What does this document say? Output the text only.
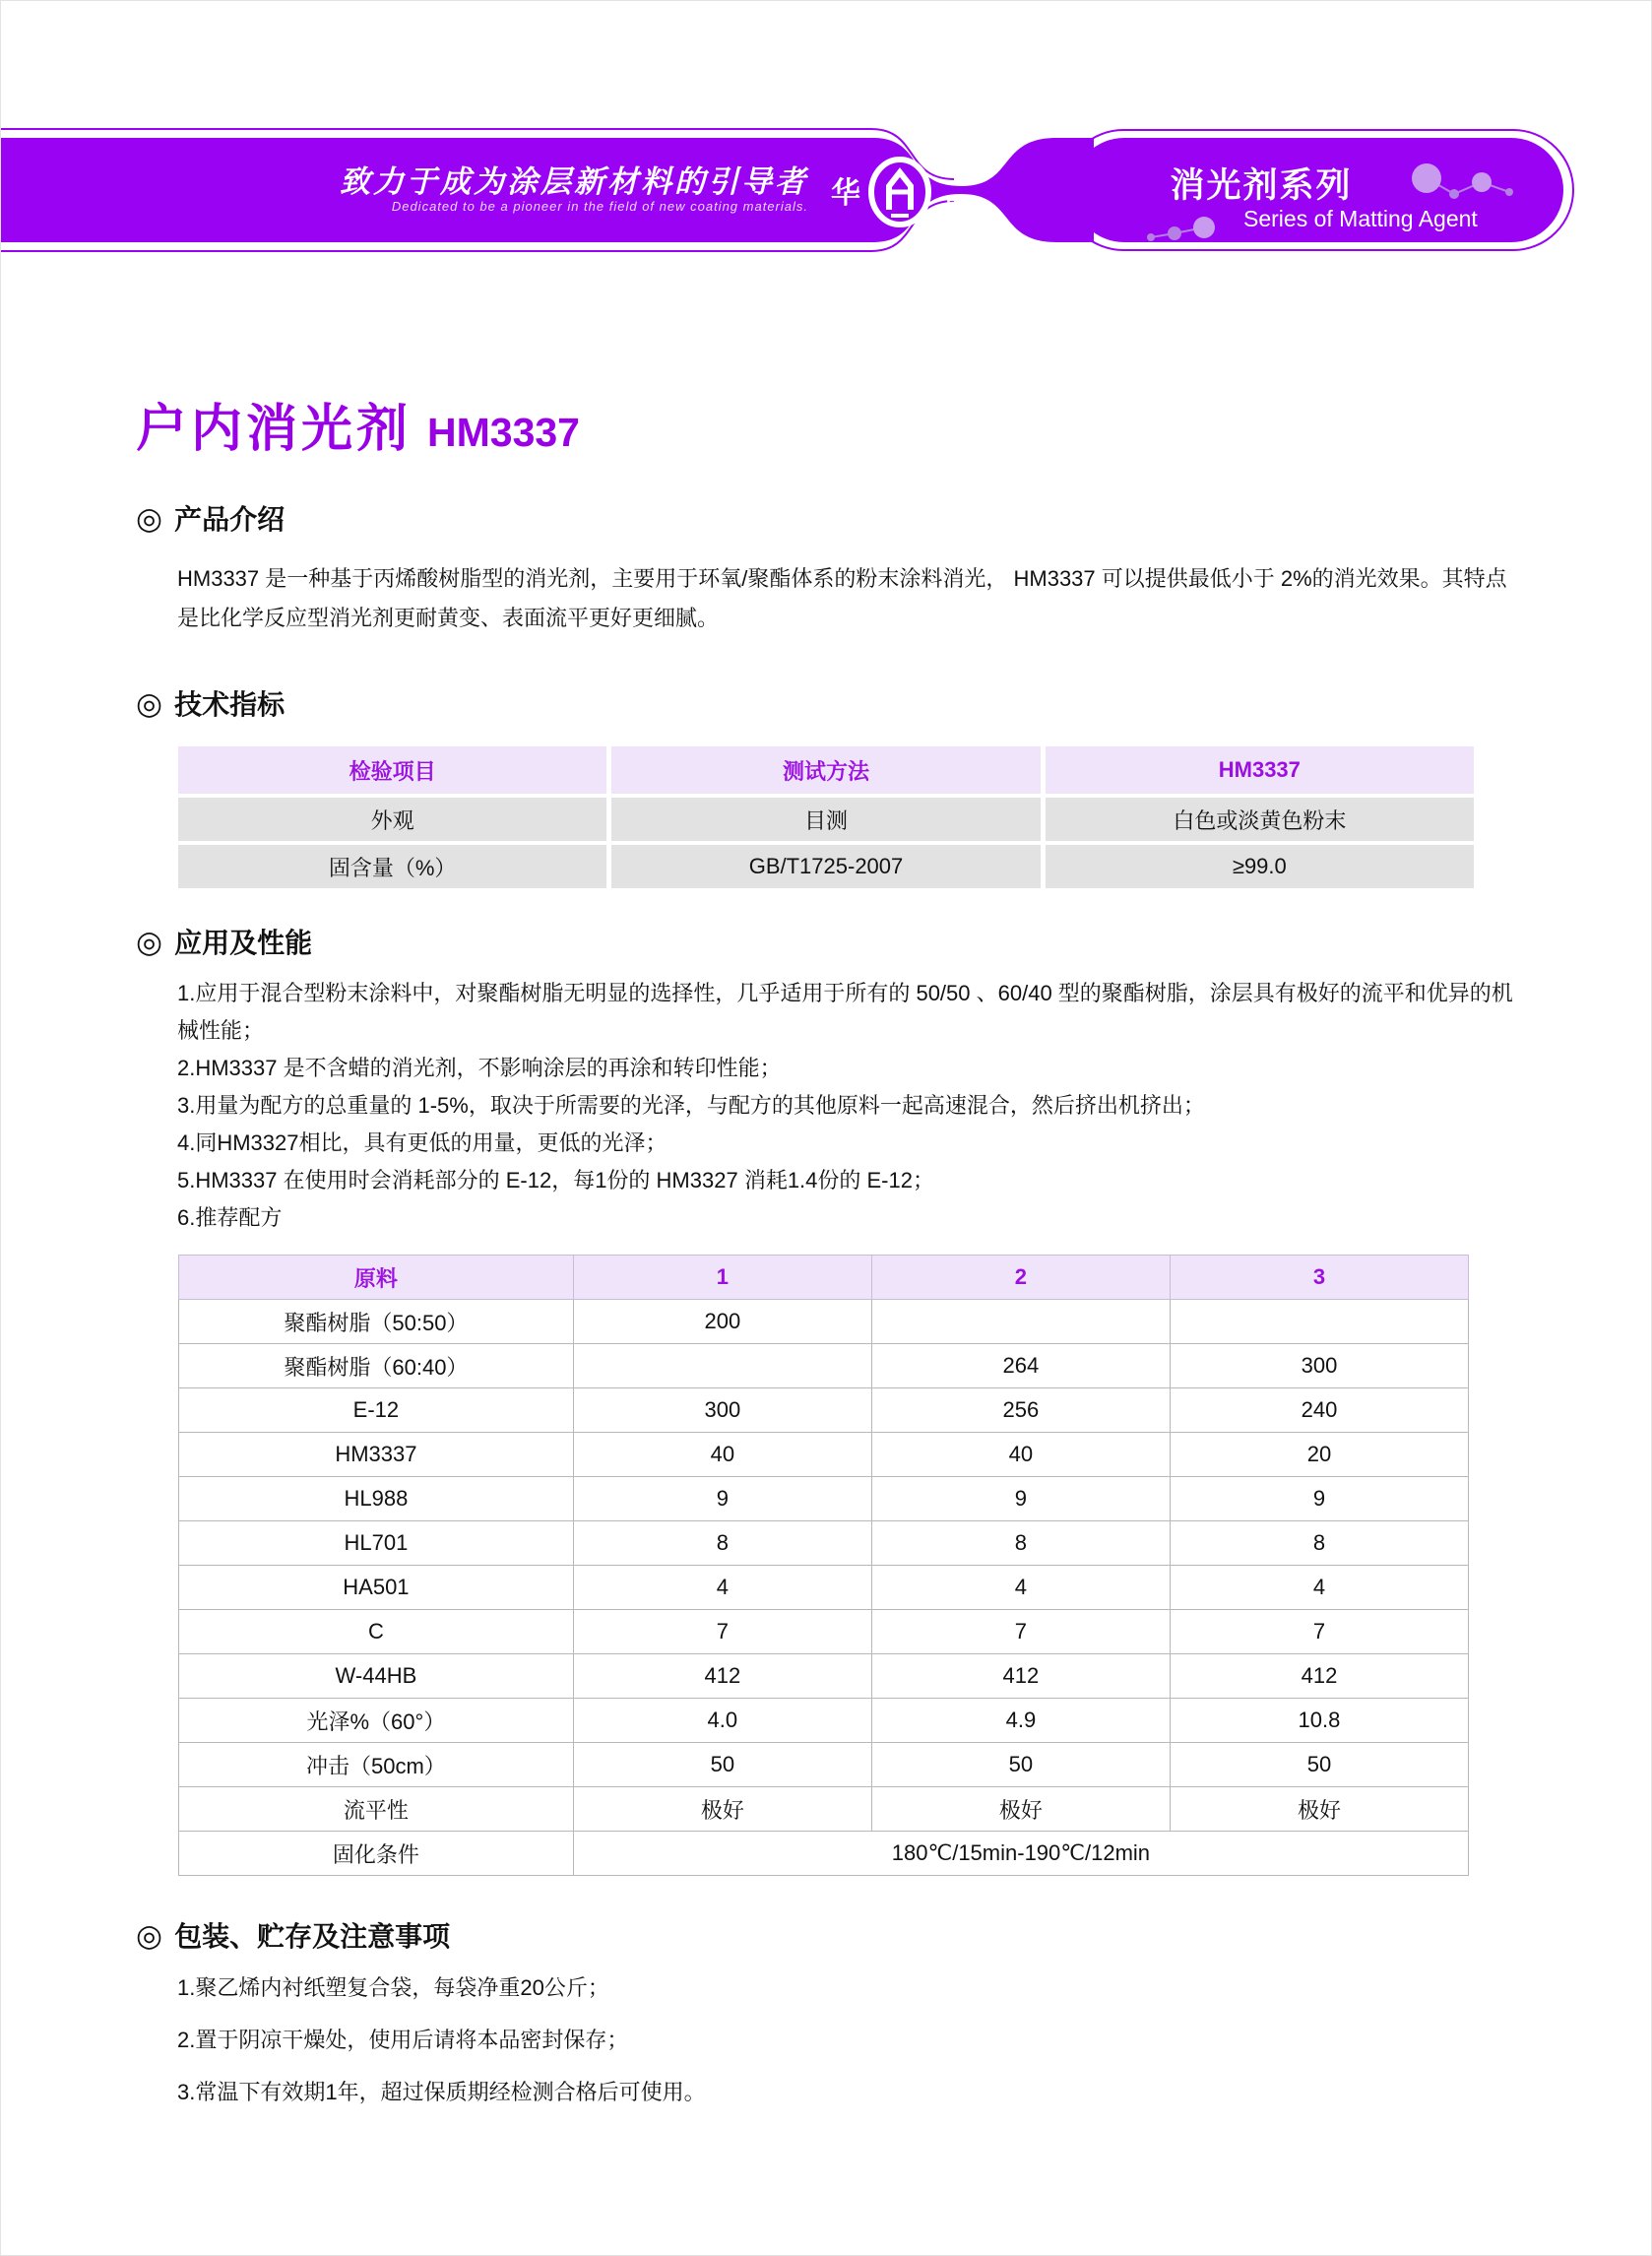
致力于成为涂层新材料的引导者
Dedicated to be a pioneer in the field of new coating materials. 华
®
惠
消光剂系列
Series of Matting Agent
户内消光剂 HM3337
◎ 产品介绍
HM3337 是一种基于丙烯酸树脂型的消光剂，主要用于环氧/聚酯体系的粉末涂料消光， HM3337 可以提供最低小于 2%的消光效果。其特点是比化学反应型消光剂更耐黄变、表面流平更好更细腻。
◎ 技术指标
检验项目	测试方法	HM3337
外观	目测	白色或淡黄色粉末
固含量（%）	GB/T1725-2007	≥99.0
◎ 应用及性能
1.应用于混合型粉末涂料中，对聚酯树脂无明显的选择性，几乎适用于所有的 50/50 、60/40 型的聚酯树脂，涂层具有极好的流平和优异的机械性能；
2.HM3337 是不含蜡的消光剂，不影响涂层的再涂和转印性能；
3.用量为配方的总重量的 1-5%，取决于所需要的光泽，与配方的其他原料一起高速混合，然后挤出机挤出；
4.同HM3327相比，具有更低的用量，更低的光泽；
5.HM3337 在使用时会消耗部分的 E-12，每1份的 HM3327 消耗1.4份的 E-12；
6.推荐配方
原料	1	2	3
聚酯树脂（50:50）	200		
聚酯树脂（60:40）		264	300
E-12	300	256	240
HM3337	40	40	20
HL988	9	9	9
HL701	8	8	8
HA501	4	4	4
C	7	7	7
W-44HB	412	412	412
光泽%（60°）	4.0	4.9	10.8
冲击（50cm）	50	50	50
流平性	极好	极好	极好
固化条件	180℃/15min-190℃/12min		
◎ 包装、贮存及注意事项
1.聚乙烯内衬纸塑复合袋，每袋净重20公斤；
2.置于阴凉干燥处，使用后请将本品密封保存；
3.常温下有效期1年，超过保质期经检测合格后可使用。
